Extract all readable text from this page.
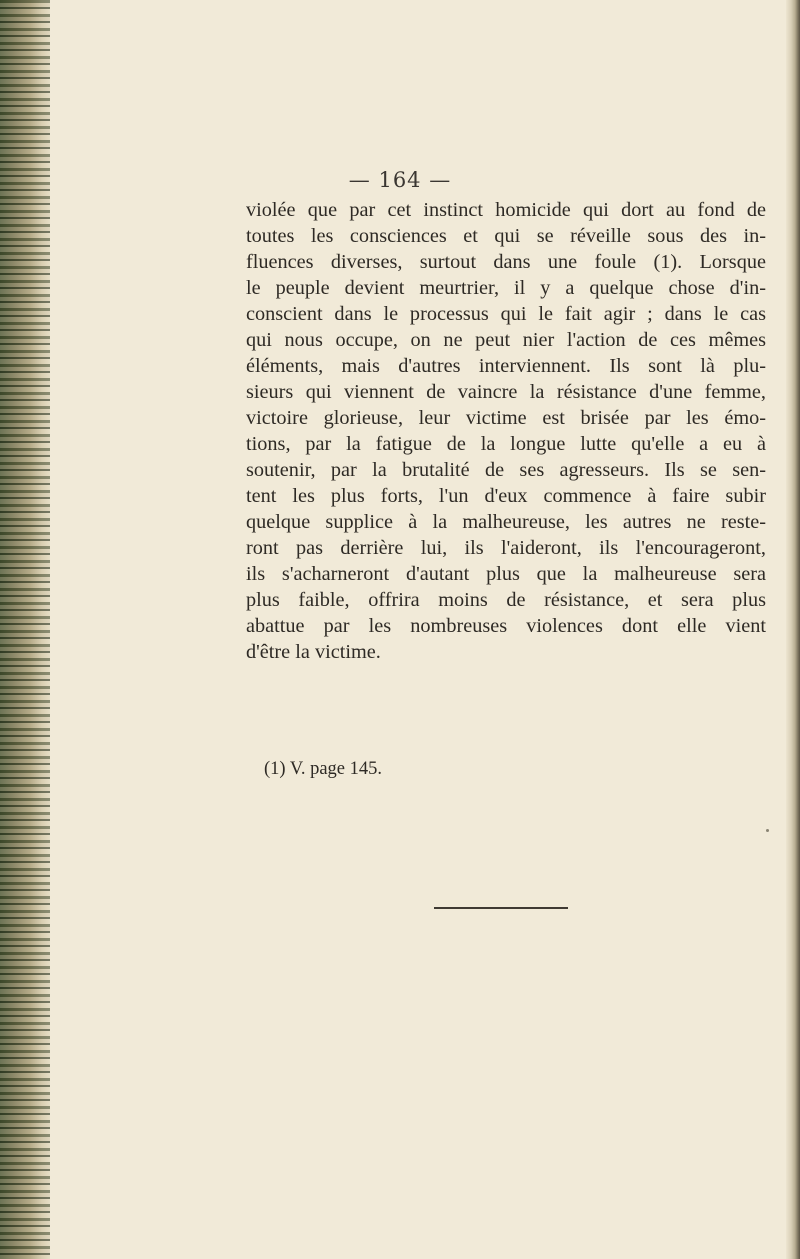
— 164 —
violée que par cet instinct homicide qui dort au fond de
toutes les consciences et qui se réveille sous des in-
fluences diverses, surtout dans une foule (1). Lorsque
le peuple devient meurtrier, il y a quelque chose d'in-
conscient dans le processus qui le fait agir ; dans le cas
qui nous occupe, on ne peut nier l'action de ces mêmes
éléments, mais d'autres interviennent. Ils sont là plu-
sieurs qui viennent de vaincre la résistance d'une femme,
victoire glorieuse, leur victime est brisée par les émo-
tions, par la fatigue de la longue lutte qu'elle a eu à
soutenir, par la brutalité de ses agresseurs. Ils se sen-
tent les plus forts, l'un d'eux commence à faire subir
quelque supplice à la malheureuse, les autres ne reste-
ront pas derrière lui, ils l'aideront, ils l'encourageront,
ils s'acharneront d'autant plus que la malheureuse sera
plus faible, offrira moins de résistance, et sera plus
abattue par les nombreuses violences dont elle vient
d'être la victime.
(1) V. page 145.
